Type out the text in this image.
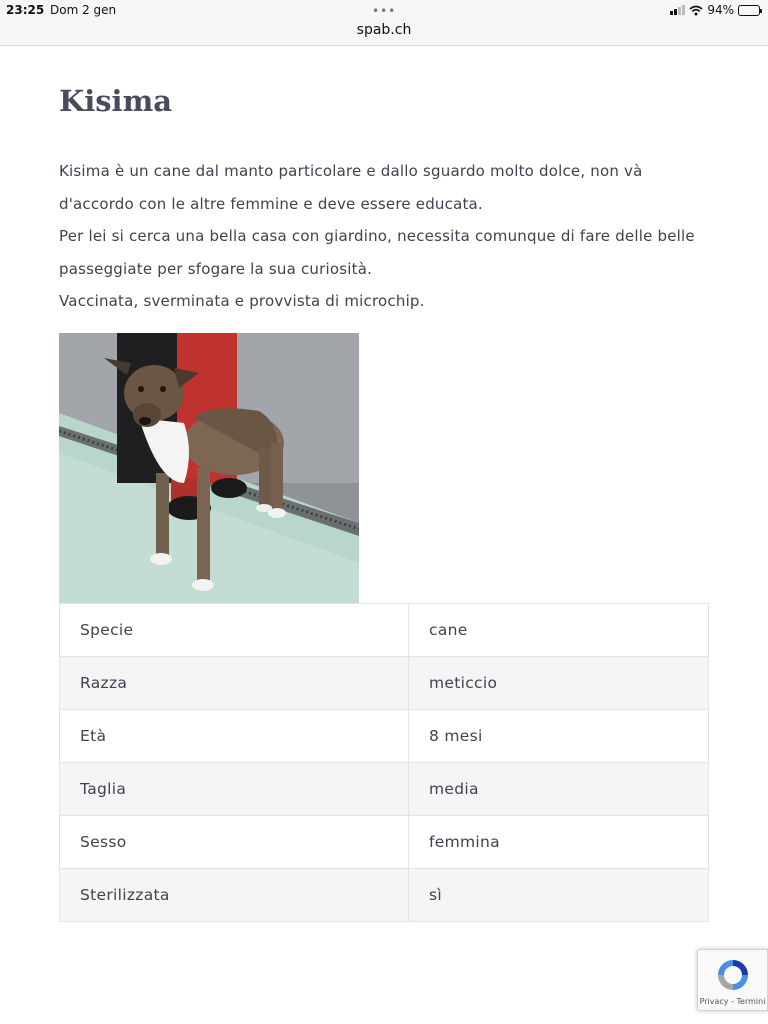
23:25 Dom 2 gen	•••
spab.ch
94%
Kisima

Kisima è un cane dal manto particolare e dallo sguardo molto dolce, non và d'accordo con le altre femmine e deve essere educata.

Per lei si cerca una bella casa con giardino, necessita comunque di fare delle belle passeggiate per sfogare la sua curiosità.

Vaccinata, sverminata e provvista di microchip.

Specie	cane
Razza	meticcio
Età	8 mesi
Taglia	media
Sesso	femmina
Sterilizzata	sì
Privacy - Termini
